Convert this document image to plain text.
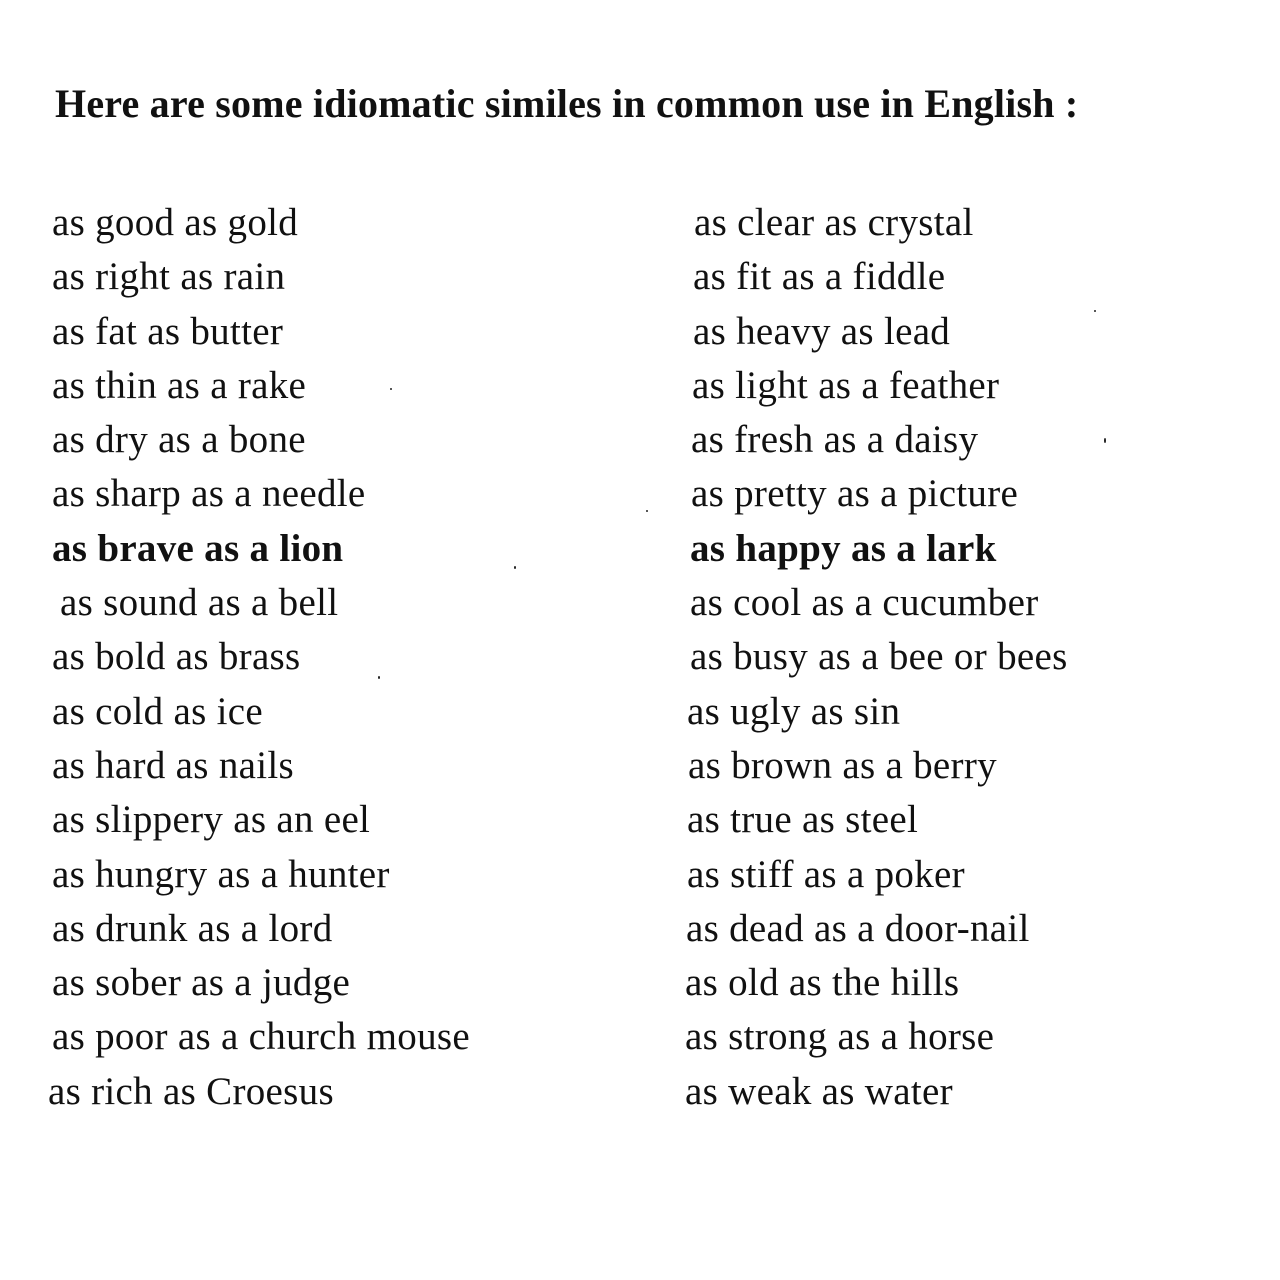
Here are some idiomatic similes in common use in English :
as good as gold
as right as rain
as fat as butter
as thin as a rake
as dry as a bone
as sharp as a needle
as brave as a lion
as sound as a bell
as bold as brass
as cold as ice
as hard as nails
as slippery as an eel
as hungry as a hunter
as drunk as a lord
as sober as a judge
as poor as a church mouse
as rich as Croesus
as clear as crystal
as fit as a fiddle
as heavy as lead
as light as a feather
as fresh as a daisy
as pretty as a picture
as happy as a lark
as cool as a cucumber
as busy as a bee or bees
as ugly as sin
as brown as a berry
as true as steel
as stiff as a poker
as dead as a door-nail
as old as the hills
as strong as a horse
as weak as water
